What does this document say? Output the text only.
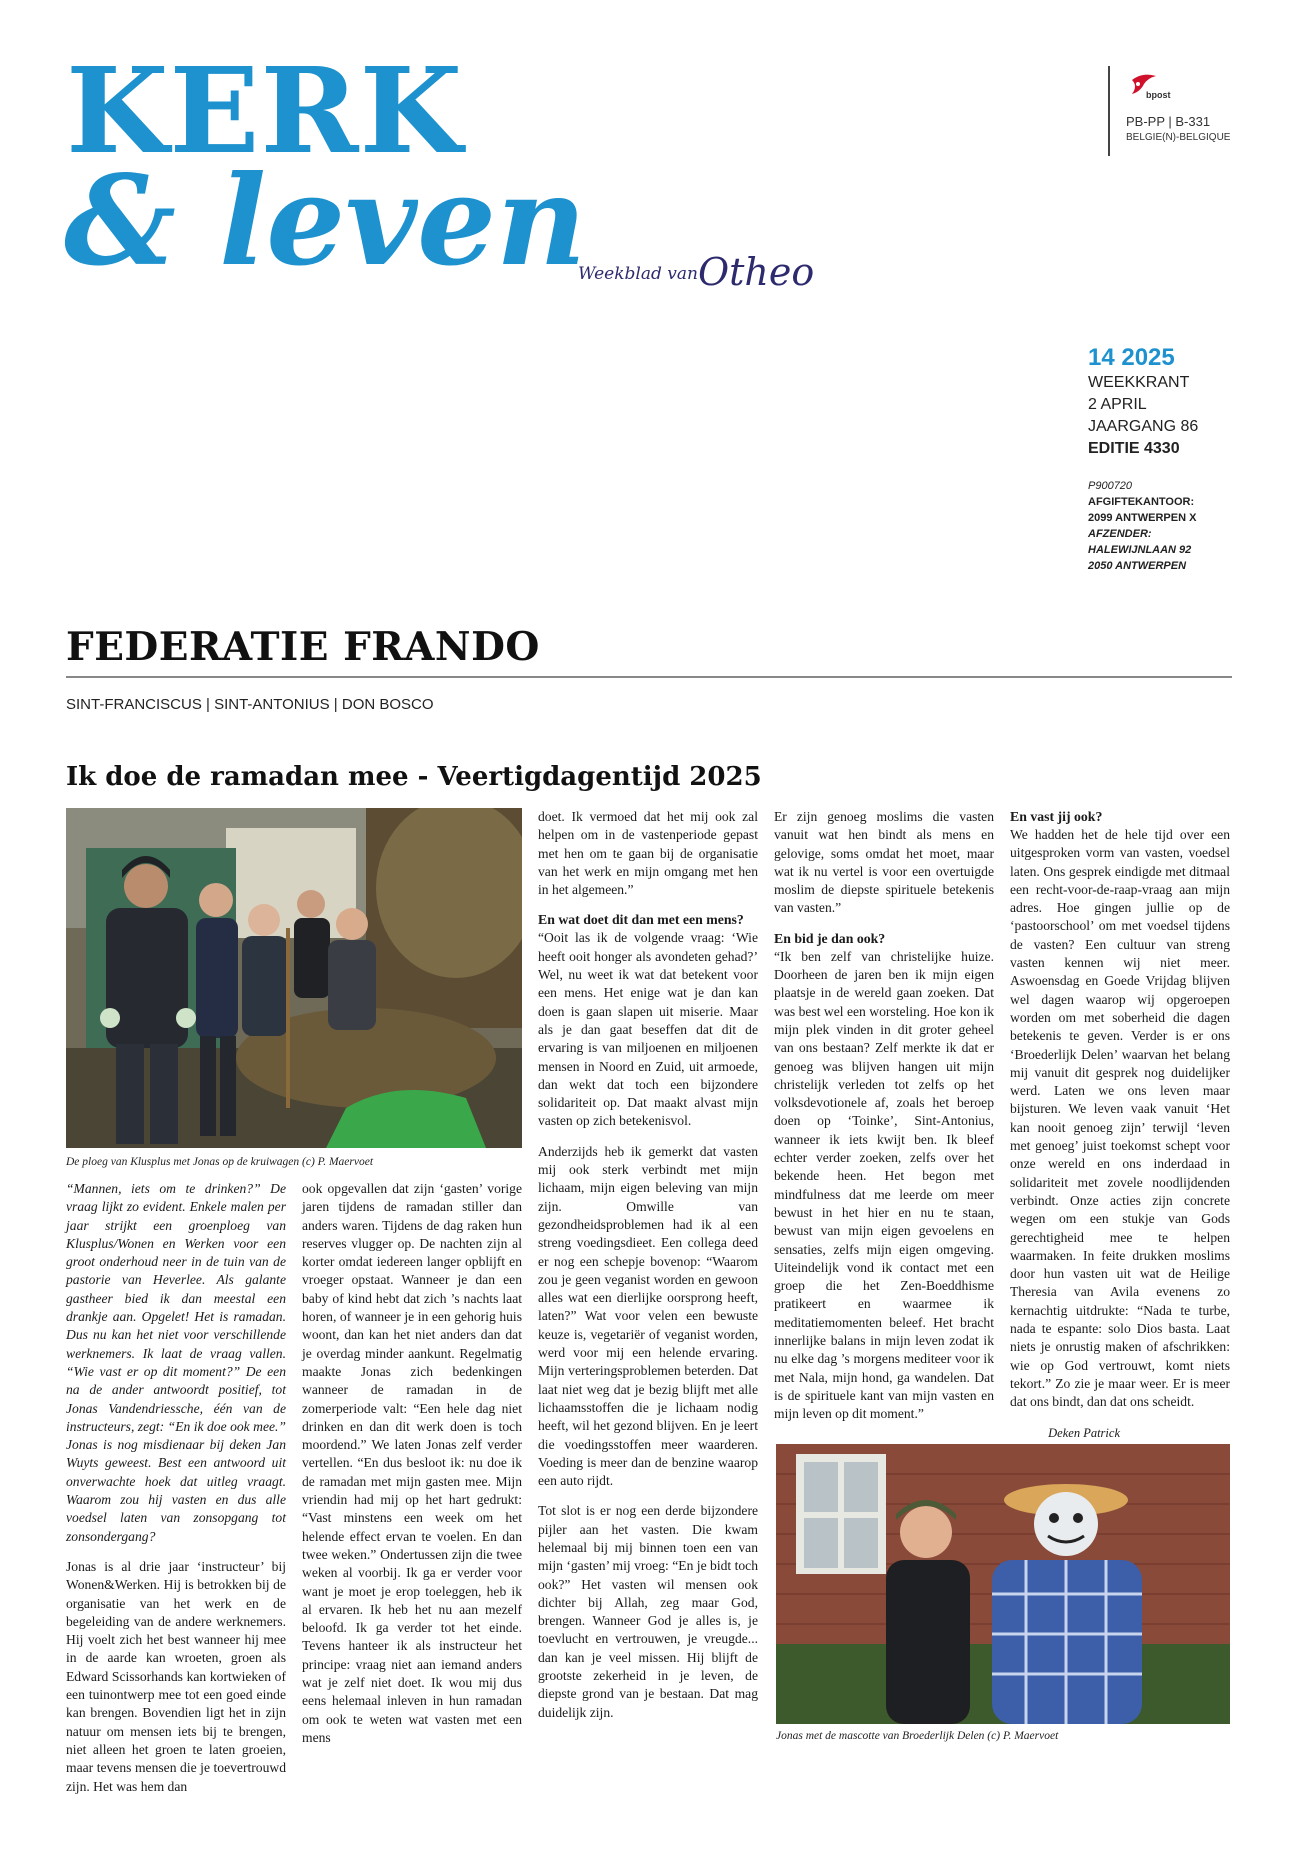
KERK
& leven
Weekblad van Otheo
bpost
PB-PP | B-331
BELGIE(N)-BELGIQUE
14 2025
WEEKKRANT
2 APRIL
JAARGANG 86
EDITIE 4330
P900720
AFGIFTEKANTOOR:
2099 ANTWERPEN X
AFZENDER:
HALEWIJNLAAN 92
2050 ANTWERPEN
FEDERATIE FRANDO
SINT-FRANCISCUS | SINT-ANTONIUS | DON BOSCO
Ik doe de ramadan mee - Veertigdagentijd 2025
De ploeg van Klusplus met Jonas op de kruiwagen (c) P. Maervoet

“Mannen, iets om te drinken?” De vraag lijkt zo evident. Enkele malen per jaar strijkt een groenploeg van Klusplus/Wonen en Werken voor een groot onderhoud neer in de tuin van de pastorie van Heverlee. Als galante gastheer bied ik dan meestal een drankje aan. Opgelet! Het is ramadan. Dus nu kan het niet voor verschillende werknemers. Ik laat de vraag vallen. “Wie vast er op dit moment?” De een na de ander antwoordt positief, tot Jonas Vandendriessche, één van de instructeurs, zegt: “En ik doe ook mee.” Jonas is nog misdienaar bij deken Jan Wuyts geweest. Best een antwoord uit onverwachte hoek dat uitleg vraagt. Waarom zou hij vasten en dus alle voedsel laten van zonsopgang tot zonsondergang?

Jonas is al drie jaar ‘instructeur’ bij Wonen&Werken. Hij is betrokken bij de organisatie van het werk en de begeleiding van de andere werknemers. Hij voelt zich het best wanneer hij mee in de aarde kan wroeten, groen als Edward Scissorhands kan kortwieken of een tuinontwerp mee tot een goed einde kan brengen. Bovendien ligt het in zijn natuur om mensen iets bij te brengen, niet alleen het groen te laten groeien, maar tevens mensen die je toevertrouwd zijn. Het was hem dan

ook opgevallen dat zijn ‘gasten’ vorige jaren tijdens de ramadan stiller dan anders waren. Tijdens de dag raken hun reserves vlugger op. De nachten zijn al korter omdat iedereen langer opblijft en vroeger opstaat. Wanneer je dan een baby of kind hebt dat zich ’s nachts laat horen, of wanneer je in een gehorig huis woont, dan kan het niet anders dan dat je overdag minder aankunt. Regelmatig maakte Jonas zich bedenkingen wanneer de ramadan in de zomerperiode valt: “Een hele dag niet drinken en dan dit werk doen is toch moordend.” We laten Jonas zelf verder vertellen. “En dus besloot ik: nu doe ik de ramadan met mijn gasten mee. Mijn vriendin had mij op het hart gedrukt: “Vast minstens een week om het helende effect ervan te voelen. En dan twee weken.” Ondertussen zijn die twee weken al voorbij. Ik ga er verder voor want je moet je erop toeleggen, heb ik al ervaren. Ik heb het nu aan mezelf beloofd. Ik ga verder tot het einde. Tevens hanteer ik als instructeur het principe: vraag niet aan iemand anders wat je zelf niet doet. Ik wou mij dus eens helemaal inleven in hun ramadan om ook te weten wat vasten met een mens

doet. Ik vermoed dat het mij ook zal helpen om in de vastenperiode gepast met hen om te gaan bij de organisatie van het werk en mijn omgang met hen in het algemeen.”

En wat doet dit dan met een mens?

“Ooit las ik de volgende vraag: ‘Wie heeft ooit honger als avondeten gehad?’ Wel, nu weet ik wat dat betekent voor een mens. Het enige wat je dan kan doen is gaan slapen uit miserie. Maar als je dan gaat beseffen dat dit de ervaring is van miljoenen en miljoenen mensen in Noord en Zuid, uit armoede, dan wekt dat toch een bijzondere solidariteit op. Dat maakt alvast mijn vasten op zich betekenisvol.

Anderzijds heb ik gemerkt dat vasten mij ook sterk verbindt met mijn lichaam, mijn eigen beleving van mijn zijn. Omwille van gezondheidsproblemen had ik al een streng voedingsdieet. Een collega deed er nog een schepje bovenop: “Waarom zou je geen veganist worden en gewoon alles wat een dierlijke oorsprong heeft, laten?” Wat voor velen een bewuste keuze is, vegetariër of veganist worden, werd voor mij een helende ervaring. Mijn verteringsproblemen beterden. Dat laat niet weg dat je bezig blijft met alle lichaamsstoffen die je lichaam nodig heeft, wil het gezond blijven. En je leert die voedingsstoffen meer waarderen. Voeding is meer dan de benzine waarop een auto rijdt.

Tot slot is er nog een derde bijzondere pijler aan het vasten. Die kwam helemaal bij mij binnen toen een van mijn ‘gasten’ mij vroeg: “En je bidt toch ook?” Het vasten wil mensen ook dichter bij Allah, zeg maar God, brengen. Wanneer God je alles is, je toevlucht en vertrouwen, je vreugde... dan kan je veel missen. Hij blijft de grootste zekerheid in je leven, de diepste grond van je bestaan. Dat mag duidelijk zijn.

Er zijn genoeg moslims die vasten vanuit wat hen bindt als mens en gelovige, soms omdat het moet, maar wat ik nu vertel is voor een overtuigde moslim de diepste spirituele betekenis van vasten.”

En bid je dan ook?

“Ik ben zelf van christelijke huize. Doorheen de jaren ben ik mijn eigen plaatsje in de wereld gaan zoeken. Dat was best wel een worsteling. Hoe kon ik mijn plek vinden in dit groter geheel van ons bestaan? Zelf merkte ik dat er genoeg was blijven hangen uit mijn christelijk verleden tot zelfs op het volksdevotionele af, zoals het beroep doen op ‘Toinke’, Sint-Antonius, wanneer ik iets kwijt ben. Ik bleef echter verder zoeken, zelfs over het bekende heen. Het begon met mindfulness dat me leerde om meer bewust in het hier en nu te staan, bewust van mijn eigen gevoelens en sensaties, zelfs mijn eigen omgeving. Uiteindelijk vond ik contact met een groep die het Zen-Boeddhisme pratikeert en waarmee ik meditatiemomenten beleef. Het bracht innerlijke balans in mijn leven zodat ik nu elke dag ’s morgens mediteer voor ik met Nala, mijn hond, ga wandelen. Dat is de spirituele kant van mijn vasten en mijn leven op dit moment.”

En vast jij ook?

We hadden het de hele tijd over een uitgesproken vorm van vasten, voedsel laten. Ons gesprek eindigde met ditmaal een recht-voor-de-raap-vraag aan mijn adres. Hoe gingen jullie op de ‘pastoorschool’ om met voedsel tijdens de vasten? Een cultuur van streng vasten kennen wij niet meer. Aswoensdag en Goede Vrijdag blijven wel dagen waarop wij opgeroepen worden om met soberheid die dagen betekenis te geven. Verder is er ons ‘Broederlijk Delen’ waarvan het belang mij vanuit dit gesprek nog duidelijker werd. Laten we ons leven maar bijsturen. We leven vaak vanuit ‘Het kan nooit genoeg zijn’ terwijl ‘leven met genoeg’ juist toekomst schept voor onze wereld en ons inderdaad in solidariteit met zovele noodlijdenden verbindt. Onze acties zijn concrete wegen om een stukje van Gods gerechtigheid mee te helpen waarmaken. In feite drukken moslims door hun vasten uit wat de Heilige Theresia van Avila evenens zo kernachtig uitdrukte: “Nada te turbe, nada te espante: solo Dios basta. Laat niets je onrustig maken of afschrikken: wie op God vertrouwt, komt niets tekort.” Zo zie je maar weer. Er is meer dat ons bindt, dan dat ons scheidt.

Deken Patrick

Jonas met de mascotte van Broederlijk Delen (c) P. Maervoet
